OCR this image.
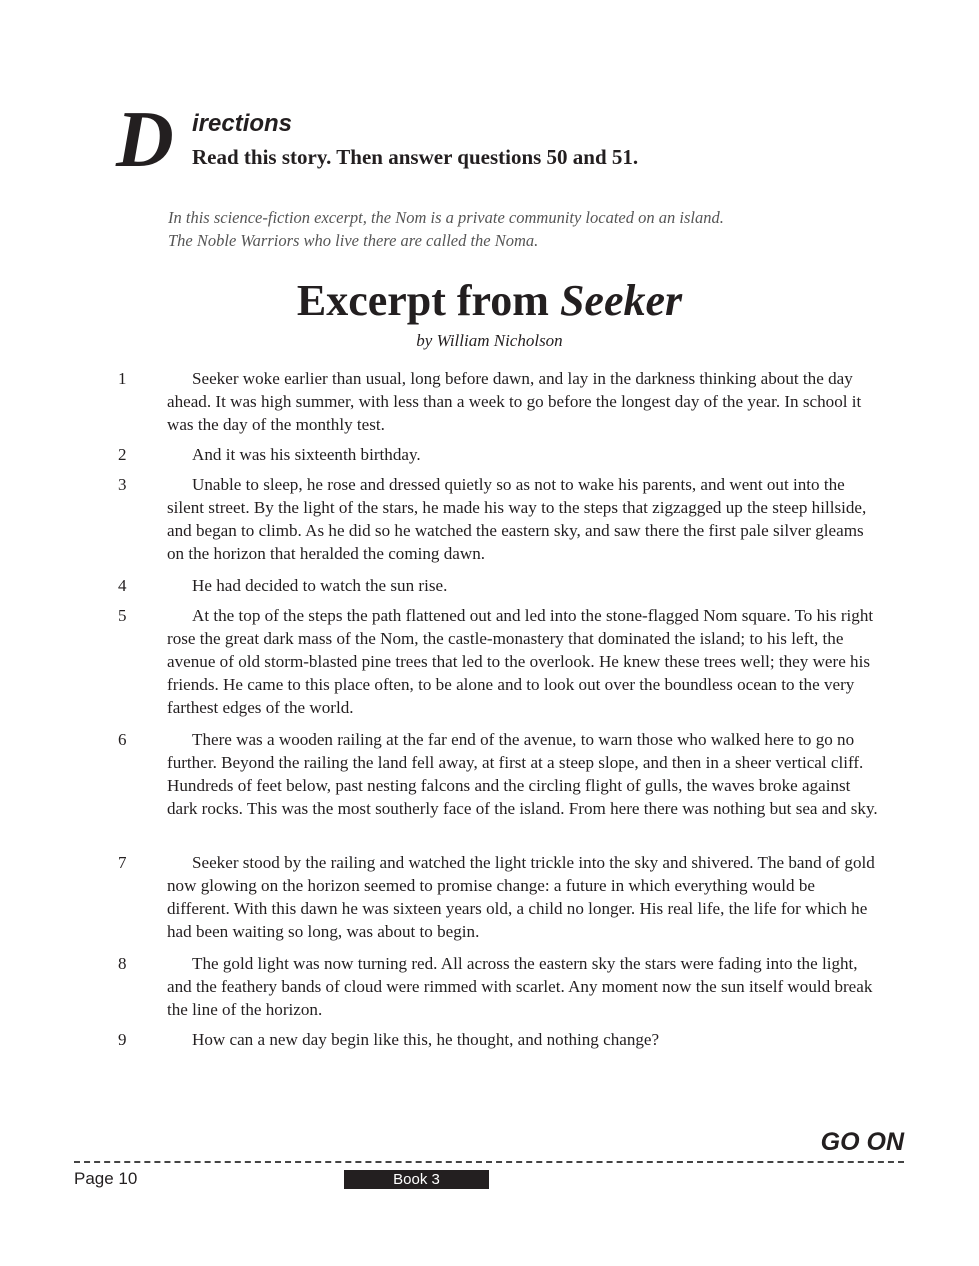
D irections
Read this story. Then answer questions 50 and 51.
In this science-fiction excerpt, the Nom is a private community located on an island.
The Noble Warriors who live there are called the Noma.
Excerpt from Seeker
by William Nicholson
1	Seeker woke earlier than usual, long before dawn, and lay in the darkness thinking about the day ahead. It was high summer, with less than a week to go before the longest day of the year. In school it was the day of the monthly test.

2	And it was his sixteenth birthday.

3	Unable to sleep, he rose and dressed quietly so as not to wake his parents, and went out into the silent street. By the light of the stars, he made his way to the steps that zigzagged up the steep hillside, and began to climb. As he did so he watched the eastern sky, and saw there the first pale silver gleams on the horizon that heralded the coming dawn.

4	He had decided to watch the sun rise.

5	At the top of the steps the path flattened out and led into the stone-flagged Nom square. To his right rose the great dark mass of the Nom, the castle-monastery that dominated the island; to his left, the avenue of old storm-blasted pine trees that led to the overlook. He knew these trees well; they were his friends. He came to this place often, to be alone and to look out over the boundless ocean to the very farthest edges of the world.

6	There was a wooden railing at the far end of the avenue, to warn those who walked here to go no further. Beyond the railing the land fell away, at first at a steep slope, and then in a sheer vertical cliff. Hundreds of feet below, past nesting falcons and the circling flight of gulls, the waves broke against dark rocks. This was the most southerly face of the island. From here there was nothing but sea and sky.

7	Seeker stood by the railing and watched the light trickle into the sky and shivered. The band of gold now glowing on the horizon seemed to promise change: a future in which everything would be different. With this dawn he was sixteen years old, a child no longer. His real life, the life for which he had been waiting so long, was about to begin.

8	The gold light was now turning red. All across the eastern sky the stars were fading into the light, and the feathery bands of cloud were rimmed with scarlet. Any moment now the sun itself would break the line of the horizon.

9	How can a new day begin like this, he thought, and nothing change?

GO ON
Page 10	Book 3
